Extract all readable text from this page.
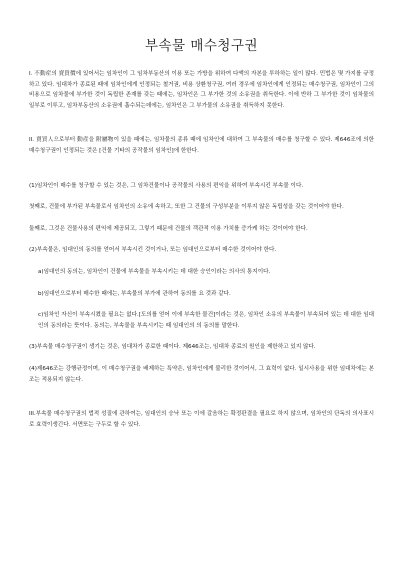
부속물 매수청구권

I. 不動産의 賣買價에 있어서는 임차인이 그 임차부동산의 이용 또는 가방을 위하여 다액의 자본을 투하하는 일이 많다. 민법은 몇 가지를 규정하고 있다. 임대차가 종료된 때에 임차인에게 인정되는 철거권, 비용 상환청구권, 여러 경우에 임차인에게 인정되는 매수청구권, 임차인이 그의 비용으로 임차물에 부가한 것이 독립한 존재를 갖는 때에는, 임차인은 그 부가한 것의 소유권을 취득한다. 이에 반하 그 부가한 것이 임차물의 일부로 이루고, 임차부동산의 소유권에 흡수되는데에는, 임차인은 그 부가물의 소유권을 취득하지 못한다.

II. 賣買人으로부터 動産을 附屬物이 있을 때에는, 임차물의 종류 때에 임차인에 대하여 그 부속물의 매수를 청구할 수 있다. 제646조에 의한 매수청구권이 인정되는 것은 [건물 기타의 공작물의 임차인]에 한한다.

(1)임차인이 매수를 청구할 수 있는 것은, 그 임차건물이나 공작물의 사용의 편익을 위하여 부속시킨 부속물 이다.

첫째로, 건물에 부가된 부속물로서 임차인의 소유에 속하고, 또한 그 건물의 구성부분을 이루지 않은 독립성을 갖는 것이어야 한다.

둘째로, 그것은 건물사용의 편익에 제공되고, 그렇기 때문에 건물의 객관적 이용 가치를 증가케 하는 것이어야 한다.

(2)부속물은, 임대인의 동의를 얻어서 부속시킨 것이거나, 또는 임대인으로부터 매수한 것이어야 한다.

a)임대인의 동의는, 임차인이 건물에 부속물을 부속시키는 데 대한 승인이라는 의사의 통지이다.

b)임대인으로부터 매수한 때에는, 부속물의 부가에 관하여 동의를 요 것과 같다.

c)임차인 자신이 부속시켰을 필요는 없다.[도의를 얻어 이에 부속한 물건]이라는 것은, 임차인 소유의 부속물이 부속되어 있는 데 대한 임대인의 동의라는 뜻이다. 동의는, 부속물을 부속시키는 때 임대인의 의 동의를 말한다.

(3)부속물 매수청구권이 생기는 것은, 임대차가 종료한 때이다. 제646조는, 임대차 종료의 원인을 제한하고 있지 않다.

(4)제646조는 강행규정이며, 이 매수청구권을 배제하는 특약은, 임차인에게 불리한 것이어서, 그 효력이 없다. 일시사용을 위한 임대차에는 본조는 적용되지 않는다.

III.부속물 매수청구권의 법적 성질에 관하여는, 임대인의 승낙 또는 이에 갈음하는 확정판결을 필요로 하지 않으며, 임차인의 단독의 의사표시로 효력이생긴다. 서면또는 구두로 할 수 있다.
